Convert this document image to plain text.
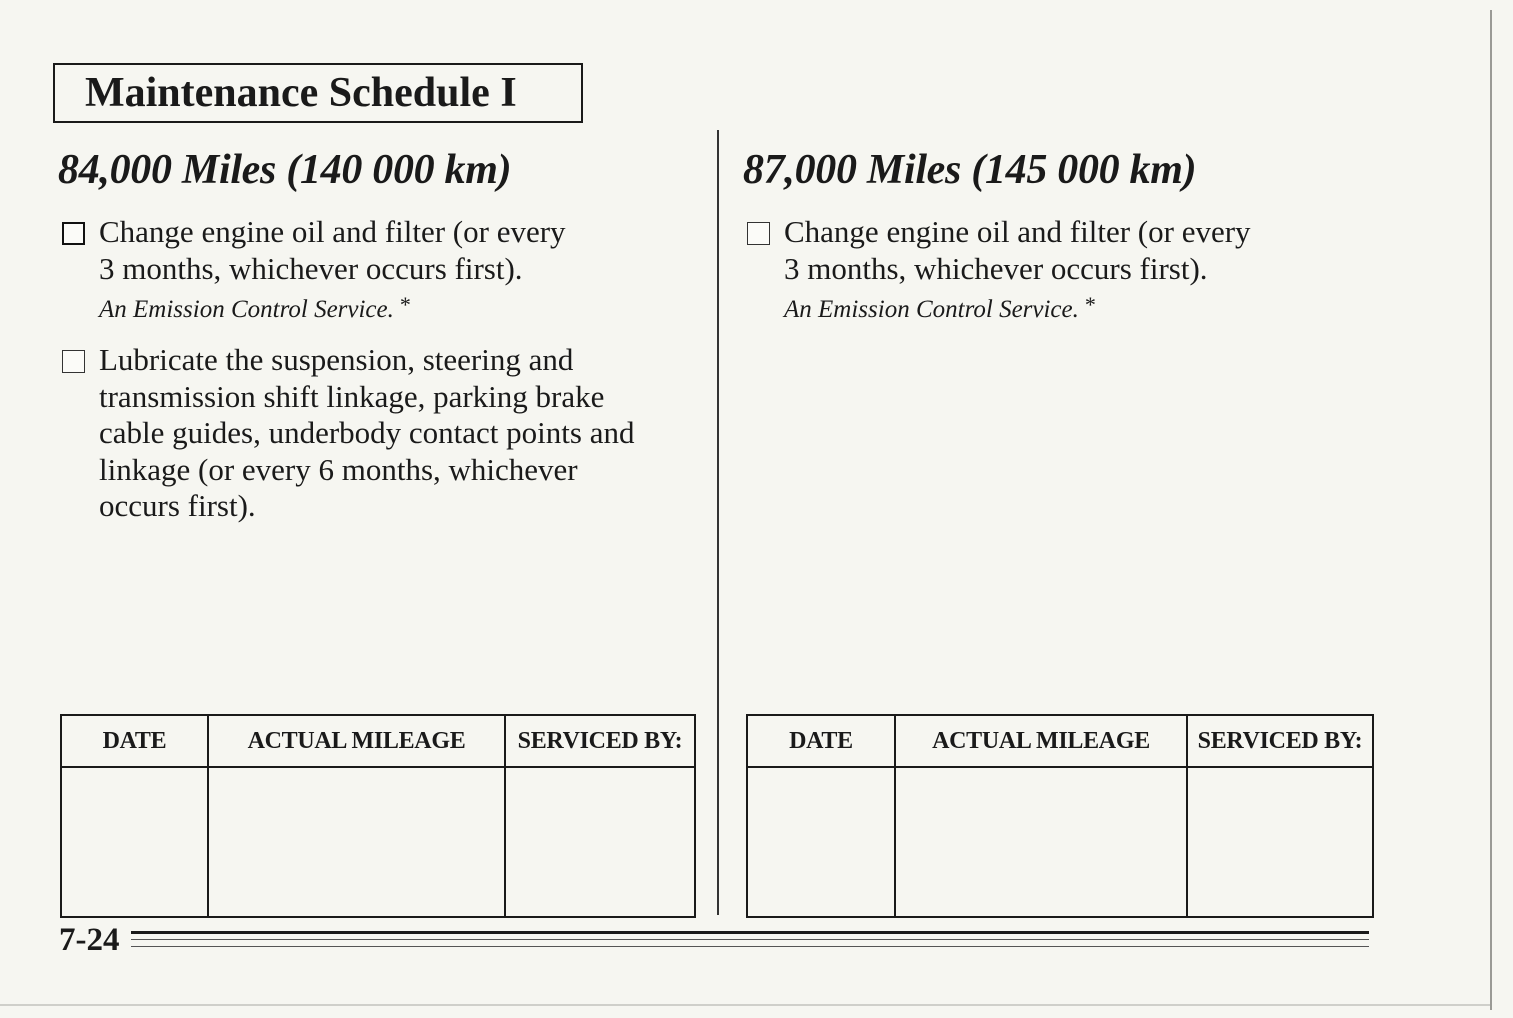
Maintenance Schedule I
84,000 Miles (140 000 km)
Change engine oil and filter (or every
3 months, whichever occurs first).
An Emission Control Service. *
Lubricate the suspension, steering and
transmission shift linkage, parking brake
cable guides, underbody contact points and
linkage (or every 6 months, whichever
occurs first).
87,000 Miles (145 000 km)
Change engine oil and filter (or every
3 months, whichever occurs first).
An Emission Control Service. *
DATE	ACTUAL MILEAGE	SERVICED BY:
			DATE	ACTUAL MILEAGE	SERVICED BY:

7-24
